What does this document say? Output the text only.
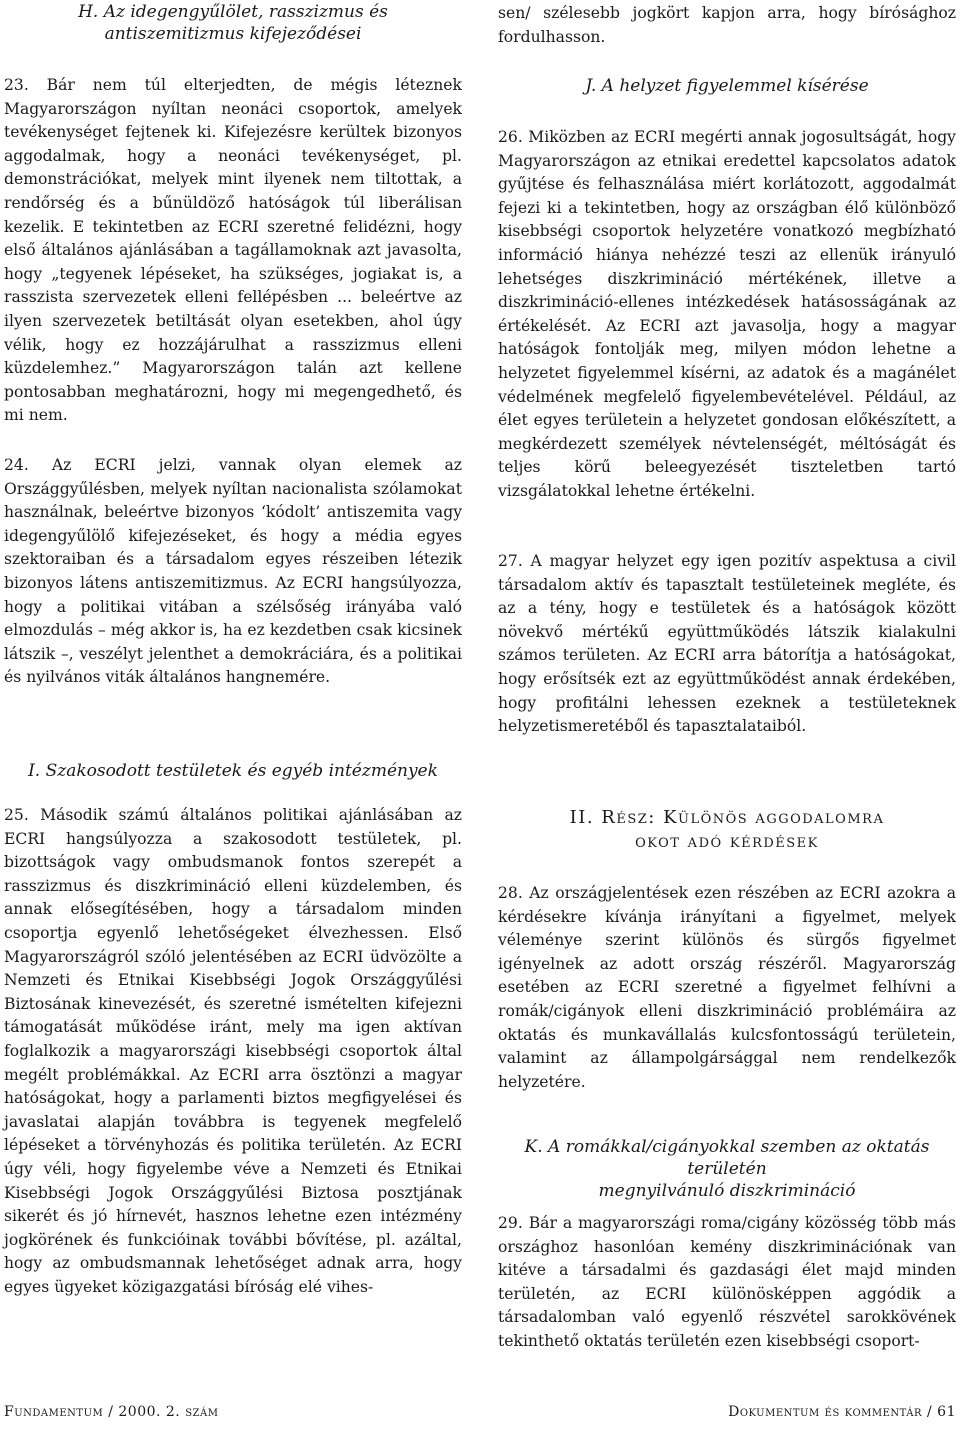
H. Az idegengyűlölet, rasszizmus és

antiszemitizmus kifejeződései

23. Bár nem túl elterjedten, de mégis léteznek Magyarországon nyíltan neonáci csoportok, amelyek tevékenységet fejtenek ki. Kifejezésre kerültek bizonyos aggodalmak, hogy a neonáci tevékenységet, pl. demonstrációkat, melyek mint ilyenek nem tiltottak, a rendőrség és a bűnüldöző hatóságok túl liberálisan kezelik. E tekintetben az ECRI szeretné felidézni, hogy első általános ajánlásában a tagállamoknak azt javasolta, hogy „tegyenek lépéseket, ha szükséges, jogiakat is, a rasszista szervezetek elleni fellépésben ... beleértve az ilyen szervezetek betiltását olyan esetekben, ahol úgy vélik, hogy ez hozzájárulhat a rasszizmus elleni küzdelemhez.” Magyarországon talán azt kellene pontosabban meghatározni, hogy mi megengedhető, és mi nem.

24. Az ECRI jelzi, vannak olyan elemek az Országgyűlésben, melyek nyíltan nacionalista szólamokat használnak, beleértve bizonyos ‘kódolt’ antiszemita vagy idegengyűlölő kifejezéseket, és hogy a média egyes szektoraiban és a társadalom egyes részeiben létezik bizonyos látens antiszemitizmus. Az ECRI hangsúlyozza, hogy a politikai vitában a szélsőség irányába való elmozdulás – még akkor is, ha ez kezdetben csak kicsinek látszik –, veszélyt jelenthet a demokráciára, és a politikai és nyilvános viták általános hangnemére.

I. Szakosodott testületek és egyéb intézmények

25. Második számú általános politikai ajánlásában az ECRI hangsúlyozza a szakosodott testületek, pl. bizottságok vagy ombudsmanok fontos szerepét a rasszizmus és diszkrimináció elleni küzdelemben, és annak elősegítésében, hogy a társadalom minden csoportja egyenlő lehetőségeket élvezhessen. Első Magyarországról szóló jelentésében az ECRI üdvözölte a Nemzeti és Etnikai Kisebbségi Jogok Országgyűlési Biztosának kinevezését, és szeretné ismételten kifejezni támogatását működése iránt, mely ma igen aktívan foglalkozik a magyarországi kisebbségi csoportok által megélt problémákkal. Az ECRI arra ösztönzi a magyar hatóságokat, hogy a parlamenti biztos megfigyelései és javaslatai alapján továbbra is tegyenek megfelelő lépéseket a törvényhozás és politika területén. Az ECRI úgy véli, hogy figyelembe véve a Nemzeti és Etnikai Kisebbségi Jogok Országgyűlési Biztosa posztjának sikerét és jó hírnevét, hasznos lehetne ezen intézmény jogkörének és funkcióinak további bővítése, pl. azáltal, hogy az ombudsmannak lehetőséget adnak arra, hogy egyes ügyeket közigazgatási bíróság elé vihes-

sen/ szélesebb jogkört kapjon arra, hogy bírósághoz fordulhasson.

J. A helyzet figyelemmel kísérése

26. Miközben az ECRI megérti annak jogosultságát, hogy Magyarországon az etnikai eredettel kapcsolatos adatok gyűjtése és felhasználása miért korlátozott, aggodalmát fejezi ki a tekintetben, hogy az országban élő különböző kisebbségi csoportok helyzetére vonatkozó megbízható információ hiánya nehézzé teszi az ellenük irányuló lehetséges diszkrimináció mértékének, illetve a diszkrimináció-ellenes intézkedések hatásosságának az értékelését. Az ECRI azt javasolja, hogy a magyar hatóságok fontolják meg, milyen módon lehetne a helyzetet figyelemmel kísérni, az adatok és a magánélet védelmének megfelelő figyelembevételével. Például, az élet egyes területein a helyzetet gondosan előkészített, a megkérdezett személyek névtelenségét, méltóságát és teljes körű beleegyezését tiszteletben tartó vizsgálatokkal lehetne értékelni.

27. A magyar helyzet egy igen pozitív aspektusa a civil társadalom aktív és tapasztalt testületeinek megléte, és az a tény, hogy e testületek és a hatóságok között növekvő mértékű együttműködés látszik kialakulni számos területen. Az ECRI arra bátorítja a hatóságokat, hogy erősítsék ezt az együttműködést annak érdekében, hogy profitálni lehessen ezeknek a testületeknek helyzetismeretéből és tapasztalataiból.

II. Rész: Különös aggodalomra

okot adó kérdések

28. Az országjelentések ezen részében az ECRI azokra a kérdésekre kívánja irányítani a figyelmet, melyek véleménye szerint különös és sürgős figyelmet igényelnek az adott ország részéről. Magyarország esetében az ECRI szeretné a figyelmet felhívni a romák/cigányok elleni diszkrimináció problémáira az oktatás és munkavállalás kulcsfontosságú területein, valamint az állampolgársággal nem rendelkezők helyzetére.

K. A romákkal/cigányokkal szemben az oktatás területén

megnyilvánuló diszkrimináció

29. Bár a magyarországi roma/cigány közösség több más országhoz hasonlóan kemény diszkriminációnak van kitéve a társadalmi és gazdasági élet majd minden területén, az ECRI különösképpen aggódik a társadalomban való egyenlő részvétel sarokkövének tekinthető oktatás területén ezen kisebbségi csoport-

Fundamentum / 2000. 2. szám	Dokumentum és kommentár / 61
